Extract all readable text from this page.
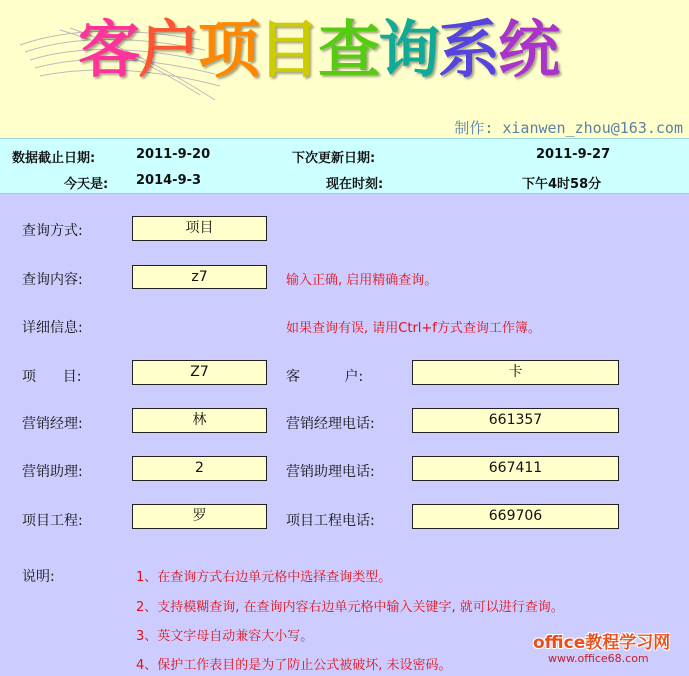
客户项目查询系统
制作: xianwen_zhou@163.com
数据截止日期:	2011-9-20	下次更新日期:	2011-9-27
今天是: 2014-9-3	现在时刻:	下午4时58分
查询方式:	项目
查询内容:	z7	输入正确, 启用精确查询。
详细信息:	如果查询有误, 请用Ctrl+f方式查询工作簿。
项      目:	Z7	客          户:	卡
营销经理:	林	营销经理电话:	661357
营销助理:	2	营销助理电话:	667411
项目工程:	罗	项目工程电话:	669706
说明:	1、在查询方式右边单元格中选择查询类型。
2、支持模糊查询, 在查询内容右边单元格中输入关键字, 就可以进行查询。
3、英文字母自动兼容大小写。
4、保护工作表目的是为了防止公式被破坏, 未设密码。
office教程学习网
www.office68.com
